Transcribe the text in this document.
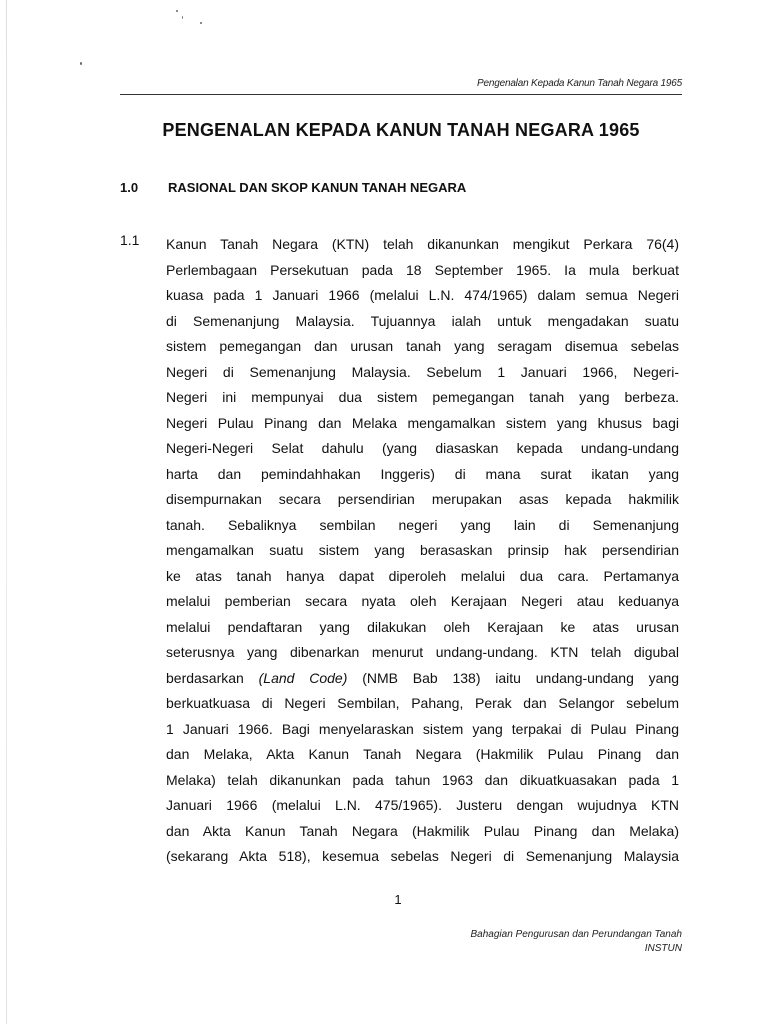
Pengenalan Kepada Kanun Tanah Negara 1965
PENGENALAN KEPADA KANUN TANAH NEGARA 1965
1.0 RASIONAL DAN SKOP KANUN TANAH NEGARA
1.1 Kanun Tanah Negara (KTN) telah dikanunkan mengikut Perkara 76(4)
Perlembagaan Persekutuan pada 18 September 1965. Ia mula berkuat
kuasa pada 1 Januari 1966 (melalui L.N. 474/1965) dalam semua Negeri
di Semenanjung Malaysia. Tujuannya ialah untuk mengadakan suatu
sistem pemegangan dan urusan tanah yang seragam disemua sebelas
Negeri di Semenanjung Malaysia. Sebelum 1 Januari 1966, Negeri-
Negeri ini mempunyai dua sistem pemegangan tanah yang berbeza.
Negeri Pulau Pinang dan Melaka mengamalkan sistem yang khusus bagi
Negeri-Negeri Selat dahulu (yang diasaskan kepada undang-undang
harta dan pemindahhakan Inggeris) di mana surat ikatan yang
disempurnakan secara persendirian merupakan asas kepada hakmilik
tanah. Sebaliknya sembilan negeri yang lain di Semenanjung
mengamalkan suatu sistem yang berasaskan prinsip hak persendirian
ke atas tanah hanya dapat diperoleh melalui dua cara. Pertamanya
melalui pemberian secara nyata oleh Kerajaan Negeri atau keduanya
melalui pendaftaran yang dilakukan oleh Kerajaan ke atas urusan
seterusnya yang dibenarkan menurut undang-undang. KTN telah digubal
berdasarkan (Land Code) (NMB Bab 138) iaitu undang-undang yang
berkuatkuasa di Negeri Sembilan, Pahang, Perak dan Selangor sebelum
1 Januari 1966. Bagi menyelaraskan sistem yang terpakai di Pulau Pinang
dan Melaka, Akta Kanun Tanah Negara (Hakmilik Pulau Pinang dan
Melaka) telah dikanunkan pada tahun 1963 dan dikuatkuasakan pada 1
Januari 1966 (melalui L.N. 475/1965). Justeru dengan wujudnya KTN
dan Akta Kanun Tanah Negara (Hakmilik Pulau Pinang dan Melaka)
(sekarang Akta 518), kesemua sebelas Negeri di Semenanjung Malaysia

1
Bahagian Pengurusan dan Perundangan Tanah
INSTUN
